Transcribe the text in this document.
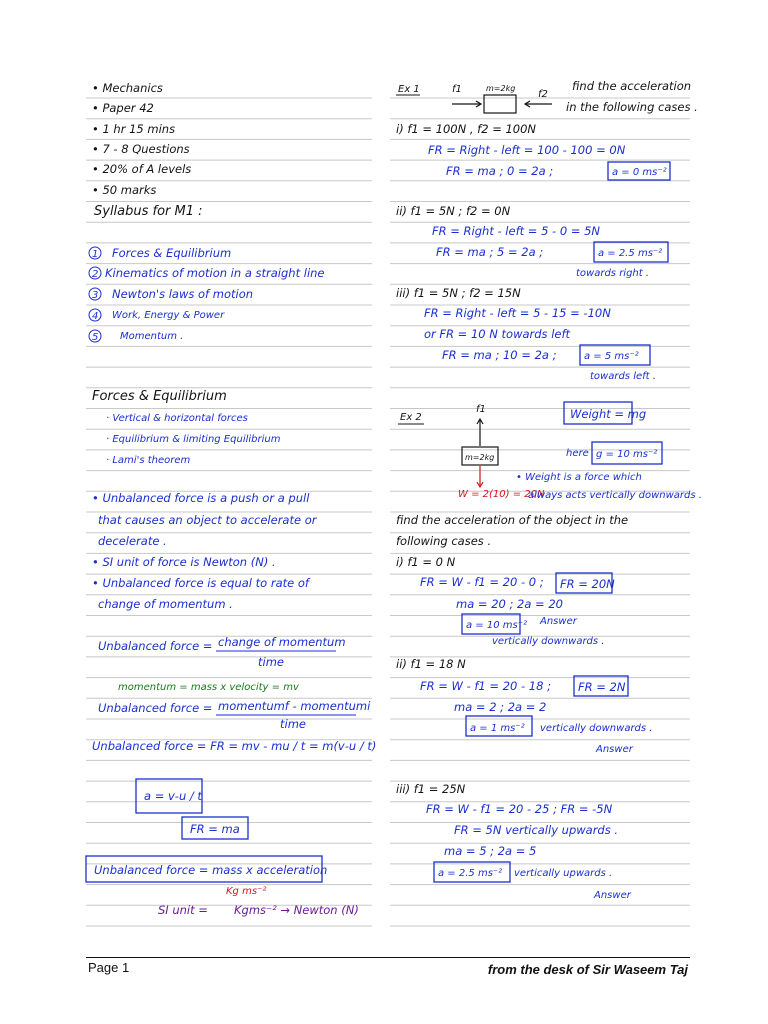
• Mechanics
• Paper 42
• 1 hr 15 mins
• 7 - 8 Questions
• 20% of A levels
• 50 marks
Syllabus for M1 :
1 Forces & Equilibrium
2 Kinematics of motion in a straight line
3 Newton's laws of motion
4 Work, Energy & Power
5 Momentum .
Forces & Equilibrium
· Vertical & horizontal forces
· Equilibrium & limiting Equilibrium
· Lami's theorem
• Unbalanced force is a push or a pull
that causes an object to accelerate or
decelerate .
• SI unit of force is Newton (N) .
• Unbalanced force is equal to rate of
change of momentum .
Unbalanced force = change of momentum
time
momentum = mass x velocity = mv
Unbalanced force = momentumf - momentumi
time
Unbalanced force = FR = mv - mu / t = m(v-u / t)
a = v-u / t
FR = ma
Unbalanced force = mass x acceleration
Kg ms⁻²
SI unit = Kgms⁻² → Newton (N)
Ex 1	f1	m=2kg
f2
find the acceleration
in the following cases .
i) f1 = 100N , f2 = 100N
FR = Right - left = 100 - 100 = 0N
FR = ma ; 0 = 2a ;	a = 0 ms⁻²
ii) f1 = 5N ; f2 = 0N
FR = Right - left = 5 - 0 = 5N
FR = ma ; 5 = 2a ;	a = 2.5 ms⁻²
towards right .
iii) f1 = 5N ; f2 = 15N
FR = Right - left = 5 - 15 = -10N
or FR = 10 N towards left
FR = ma ; 10 = 2a ;	a = 5 ms⁻²
towards left .
Ex 2
f1
m=2kg
W = 2(10) = 20N
Weight = mg
here g = 10 ms⁻²
• Weight is a force which
always acts vertically downwards .
find the acceleration of the object in the
following cases .
i) f1 = 0 N
FR = W - f1 = 20 - 0 ; FR = 20N
ma = 20 ; 2a = 20
a = 10 ms⁻² Answer
vertically downwards .
ii) f1 = 18 N
FR = W - f1 = 20 - 18 ; FR = 2N
ma = 2 ; 2a = 2
a = 1 ms⁻² vertically downwards .
Answer
iii) f1 = 25N
FR = W - f1 = 20 - 25 ; FR = -5N
FR = 5N vertically upwards .
ma = 5 ; 2a = 5
a = 2.5 ms⁻² vertically upwards .
Answer
Page 1	from the desk of Sir Waseem Taj
